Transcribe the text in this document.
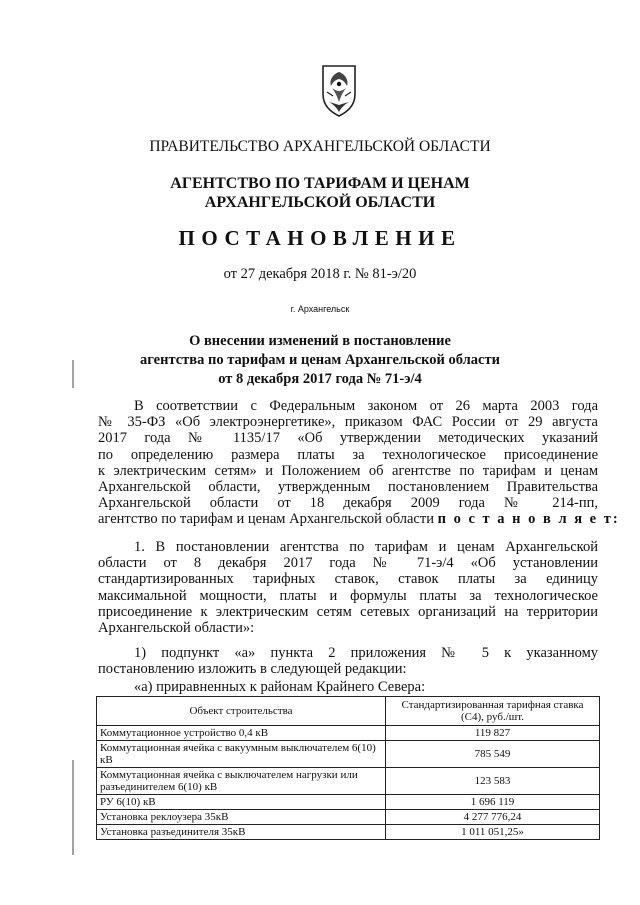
ПРАВИТЕЛЬСТВО АРХАНГЕЛЬСКОЙ ОБЛАСТИ
АГЕНТСТВО ПО ТАРИФАМ И ЦЕНАМ
АРХАНГЕЛЬСКОЙ ОБЛАСТИ
ПОСТАНОВЛЕНИЕ
от 27 декабря 2018 г. № 81-э/20
г. Архангельск
О внесении изменений в постановление
агентства по тарифам и ценам Архангельской области
от 8 декабря 2017 года № 71-э/4
В соответствии с Федеральным законом от 26 марта 2003 года
№ 35-ФЗ «Об электроэнергетике», приказом ФАС России от 29 августа
2017 года № 1135/17 «Об утверждении методических указаний
по определению размера платы за технологическое присоединение
к электрическим сетям» и Положением об агентстве по тарифам и ценам
Архангельской области, утвержденным постановлением Правительства
Архангельской области от 18 декабря 2009 года № 214-пп,
агентство по тарифам и ценам Архангельской области п о с т а н о в л я е т:
1. В постановлении агентства по тарифам и ценам Архангельской
области от 8 декабря 2017 года № 71-э/4 «Об установлении
стандартизированных тарифных ставок, ставок платы за единицу
максимальной мощности, платы и формулы платы за технологическое
присоединение к электрическим сетям сетевых организаций на территории
Архангельской области»:
1) подпункт «а» пункта 2 приложения № 5 к указанному
постановлению изложить в следующей редакции:
«а) приравненных к районам Крайнего Севера:
Объект строительства	Стандартизированная тарифная ставка (С4), руб./шт.
Коммутационное устройство 0,4 кВ	119 827
Коммутационная ячейка с вакуумным выключателем 6(10) кВ	785 549
Коммутационная ячейка с выключателем нагрузки или разъединителем 6(10) кВ	123 583
РУ 6(10) кВ	1 696 119
Установка реклоузера 35кВ	4 277 776,24
Установка разъединителя 35кВ	1 011 051,25»
